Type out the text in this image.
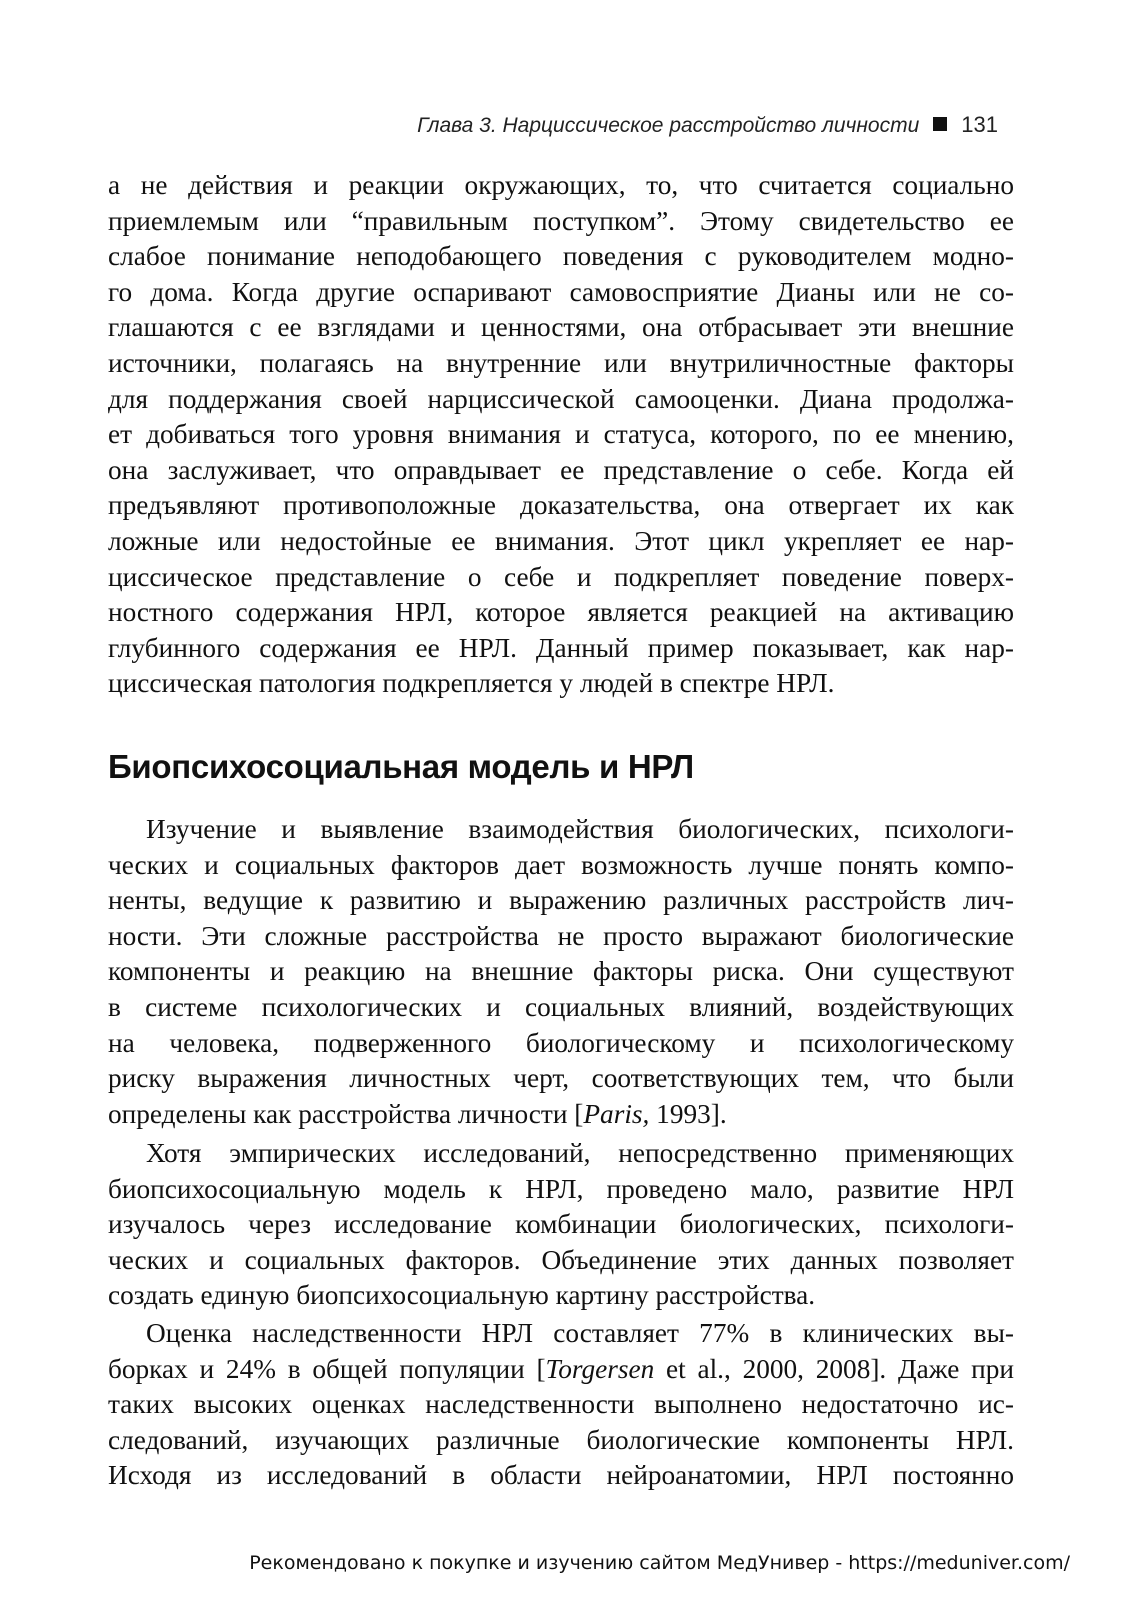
Глава 3. Нарциссическое расстройство личности 131
а не действия и реакции окружающих, то, что считается социально
приемлемым или “правильным поступком”. Этому свидетельство ее
слабое понимание неподобающего поведения с руководителем модно-
го дома. Когда другие оспаривают самовосприятие Дианы или не со-
глашаются с ее взглядами и ценностями, она отбрасывает эти внешние
источники, полагаясь на внутренние или внутриличностные факторы
для поддержания своей нарциссической самооценки. Диана продолжа-
ет добиваться того уровня внимания и статуса, которого, по ее мнению,
она заслуживает, что оправдывает ее представление о себе. Когда ей
предъявляют противоположные доказательства, она отвергает их как
ложные или недостойные ее внимания. Этот цикл укрепляет ее нар-
циссическое представление о себе и подкрепляет поведение поверх-
ностного содержания НРЛ, которое является реакцией на активацию
глубинного содержания ее НРЛ. Данный пример показывает, как нар-
циссическая патология подкрепляется у людей в спектре НРЛ.
Биопсихосоциальная модель и НРЛ
Изучение и выявление взаимодействия биологических, психологи-
ческих и социальных факторов дает возможность лучше понять компо-
ненты, ведущие к развитию и выражению различных расстройств лич-
ности. Эти сложные расстройства не просто выражают биологические
компоненты и реакцию на внешние факторы риска. Они существуют
в системе психологических и социальных влияний, воздействующих
на человека, подверженного биологическому и психологическому
риску выражения личностных черт, соответствующих тем, что были
определены как расстройства личности [Paris, 1993].
Хотя эмпирических исследований, непосредственно применяющих
биопсихосоциальную модель к НРЛ, проведено мало, развитие НРЛ
изучалось через исследование комбинации биологических, психологи-
ческих и социальных факторов. Объединение этих данных позволяет
создать единую биопсихосоциальную картину расстройства.
Оценка наследственности НРЛ составляет 77% в клинических вы-
борках и 24% в общей популяции [Torgersen et al., 2000, 2008]. Даже при
таких высоких оценках наследственности выполнено недостаточно ис-
следований, изучающих различные биологические компоненты НРЛ.
Исходя из исследований в области нейроанатомии, НРЛ постоянно
Рекомендовано к покупке и изучению сайтом МедУнивер - https://meduniver.com/
